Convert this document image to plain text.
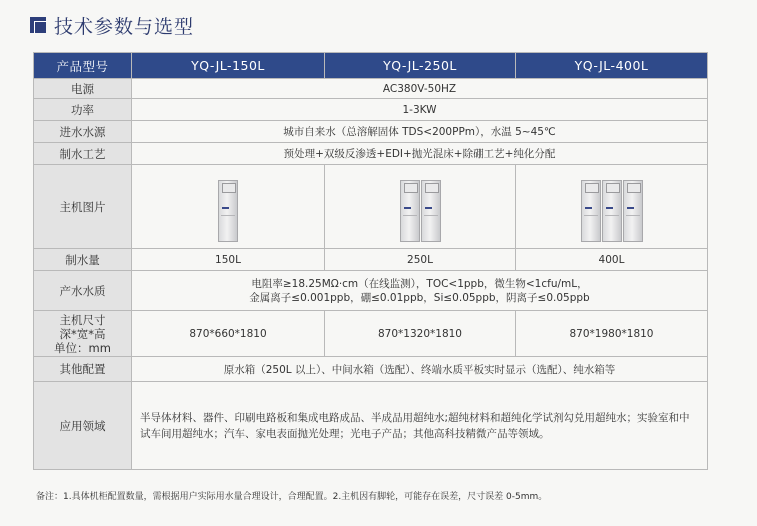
技术参数与选型
产品型号	YQ-JL-150L	YQ-JL-250L	YQ-JL-400L
电源	AC380V-50HZ		
功率	1-3KW		
进水水源	城市自来水（总溶解固体 TDS<200PPm），水温 5~45℃		
制水工艺	预处理+双级反渗透+EDI+抛光混床+除硼工艺+纯化分配		
主机图片	

制水量	150L	250L	400L
产水水质	电阻率≥18.25MΩ·cm（在线监测），TOC<1ppb，微生物<1cfu/mL，
金属离子≤0.001ppb，硼≤0.01ppb，Si≤0.05ppb，阴离子≤0.05ppb		

主机尺寸
深*宽*高
单位：mm	870*660*1810	870*1320*1810	870*1980*1810
其他配置	原水箱（250L 以上）、中间水箱（选配）、终端水质平板实时显示（选配）、纯水箱等		
应用领域	半导体材料、器件、印刷电路板和集成电路成品、半成品用超纯水;超纯材料和超纯化学试剂勾兑用超纯水；实验室和中试车间用超纯水；汽车、家电表面抛光处理；光电子产品；其他高科技精微产品等领域。		
备注：1.具体机柜配置数量，需根据用户实际用水量合理设计，合理配置。2.主机因有脚轮，可能存在误差，尺寸误差 0-5mm。
